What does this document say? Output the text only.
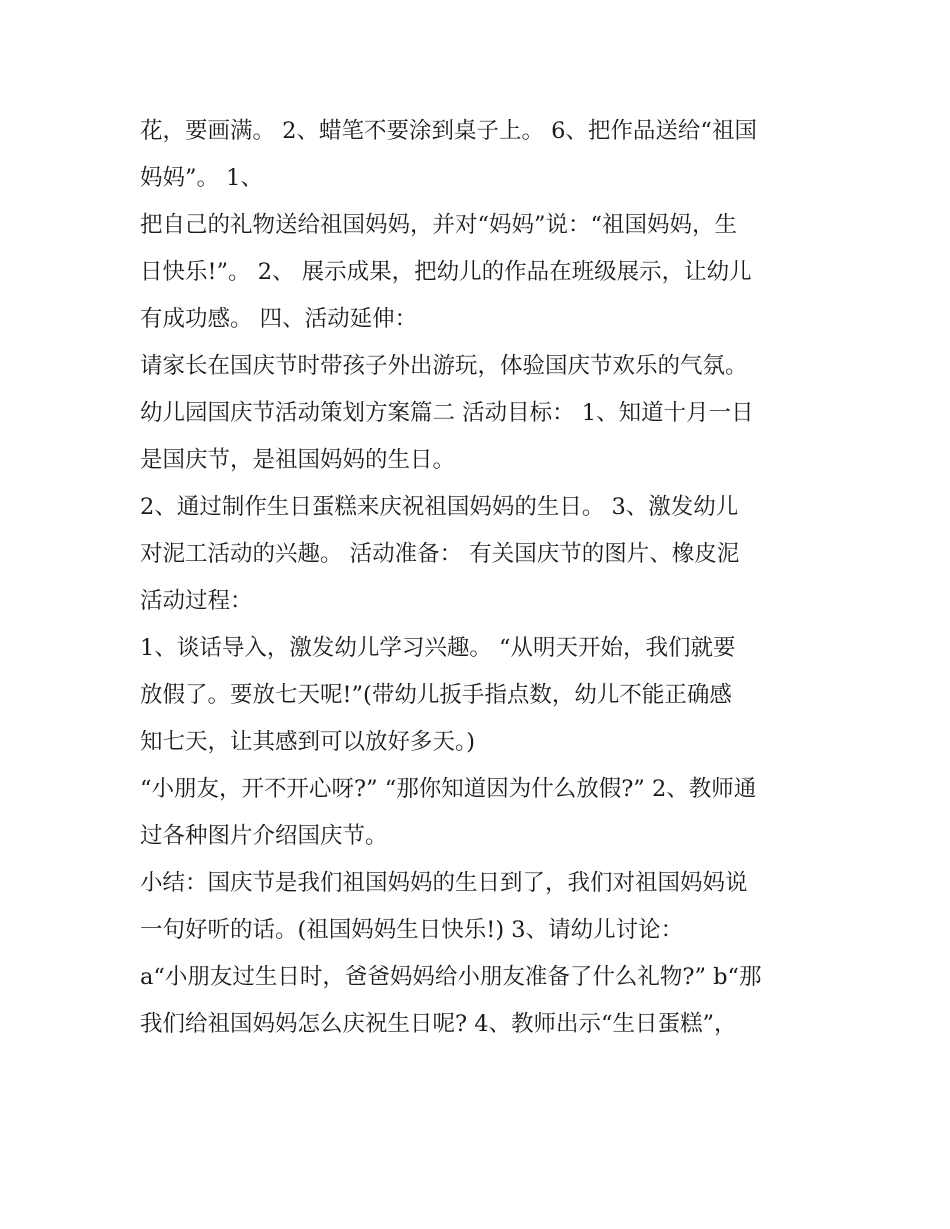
花，要画满。 2、蜡笔不要涂到桌子上。 6、把作品送给“祖国
妈妈”。 1、
把自己的礼物送给祖国妈妈，并对“妈妈”说：“祖国妈妈，生
日快乐!”。 2、 展示成果，把幼儿的作品在班级展示，让幼儿
有成功感。 四、活动延伸：
请家长在国庆节时带孩子外出游玩，体验国庆节欢乐的气氛。
幼儿园国庆节活动策划方案篇二 活动目标： 1、知道十月一日
是国庆节，是祖国妈妈的生日。
2、通过制作生日蛋糕来庆祝祖国妈妈的生日。 3、激发幼儿
对泥工活动的兴趣。 活动准备： 有关国庆节的图片、橡皮泥
活动过程：
1、谈话导入，激发幼儿学习兴趣。 “从明天开始，我们就要
放假了。要放七天呢!”(带幼儿扳手指点数，幼儿不能正确感
知七天，让其感到可以放好多天。)
“小朋友，开不开心呀?” “那你知道因为什么放假?” 2、教师通
过各种图片介绍国庆节。
小结：国庆节是我们祖国妈妈的生日到了，我们对祖国妈妈说
一句好听的话。(祖国妈妈生日快乐!) 3、请幼儿讨论：
a“小朋友过生日时，爸爸妈妈给小朋友准备了什么礼物?” b“那
我们给祖国妈妈怎么庆祝生日呢? 4、教师出示“生日蛋糕”，
